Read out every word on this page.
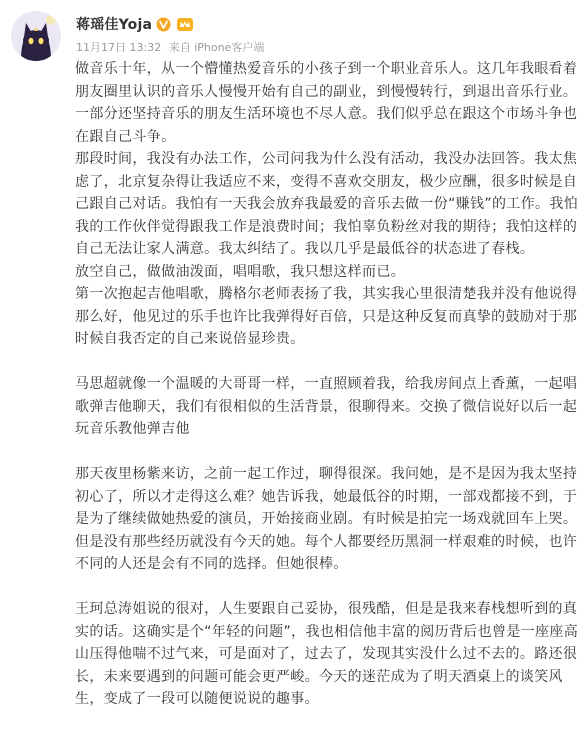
蒋瑶佳Yoja
11月17日 13:32 来自 iPhone客户端

做音乐十年，从一个懵懂热爱音乐的小孩子到一个职业音乐人。这几年我眼看着朋友圈里认识的音乐人慢慢开始有自己的副业，到慢慢转行，到退出音乐行业。一部分还坚持音乐的朋友生活环境也不尽人意。我们似乎总在跟这个市场斗争也在跟自己斗争。

那段时间，我没有办法工作，公司问我为什么没有活动，我没办法回答。我太焦虑了，北京复杂得让我适应不来，变得不喜欢交朋友，极少应酬，很多时候是自己跟自己对话。我怕有一天我会放弃我最爱的音乐去做一份“赚钱”的工作。我怕我的工作伙伴觉得跟我工作是浪费时间；我怕辜负粉丝对我的期待；我怕这样的自己无法让家人满意。我太纠结了。我以几乎是最低谷的状态进了春栈。

放空自己，做做油泼面，唱唱歌，我只想这样而已。

第一次抱起吉他唱歌，腾格尔老师表扬了我，其实我心里很清楚我并没有他说得那么好，他见过的乐手也许比我弹得好百倍，只是这种反复而真挚的鼓励对于那时候自我否定的自己来说倍显珍贵。

马思超就像一个温暖的大哥哥一样，一直照顾着我，给我房间点上香薰，一起唱歌弹吉他聊天，我们有很相似的生活背景，很聊得来。交换了微信说好以后一起玩音乐教他弹吉他

那天夜里杨紫来访，之前一起工作过，聊得很深。我问她，是不是因为我太坚持初心了，所以才走得这么难？她告诉我，她最低谷的时期，一部戏都接不到，于是为了继续做她热爱的演员，开始接商业剧。有时候是拍完一场戏就回车上哭。但是没有那些经历就没有今天的她。每个人都要经历黑洞一样艰难的时候，也许不同的人还是会有不同的选择。但她很棒。

王珂总涛姐说的很对，人生要跟自己妥协，很残酷，但是是我来春栈想听到的真实的话。这确实是个“年轻的问题”，我也相信他丰富的阅历背后也曾是一座座高山压得他喘不过气来，可是面对了，过去了，发现其实没什么过不去的。路还很长，未来要遇到的问题可能会更严峻。今天的迷茫成为了明天酒桌上的谈笑风生，变成了一段可以随便说说的趣事。
